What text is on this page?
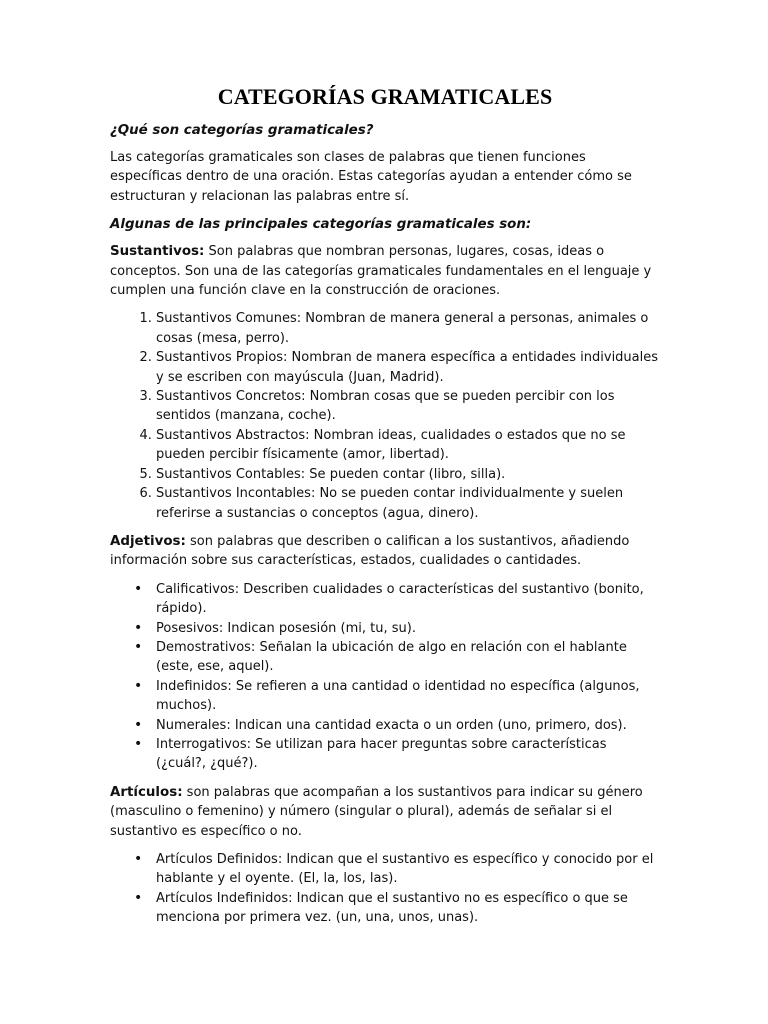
CATEGORÍAS GRAMATICALES
¿Qué son categorías gramaticales?

Las categorías gramaticales son clases de palabras que tienen funciones específicas dentro de una oración. Estas categorías ayudan a entender cómo se estructuran y relacionan las palabras entre sí.

Algunas de las principales categorías gramaticales son:

Sustantivos: Son palabras que nombran personas, lugares, cosas, ideas o conceptos. Son una de las categorías gramaticales fundamentales en el lenguaje y cumplen una función clave en la construcción de oraciones.

1. Sustantivos Comunes: Nombran de manera general a personas, animales o cosas (mesa, perro).
2. Sustantivos Propios: Nombran de manera específica a entidades individuales y se escriben con mayúscula (Juan, Madrid).
3. Sustantivos Concretos: Nombran cosas que se pueden percibir con los sentidos (manzana, coche).
4. Sustantivos Abstractos: Nombran ideas, cualidades o estados que no se pueden percibir físicamente (amor, libertad).
5. Sustantivos Contables: Se pueden contar (libro, silla).
6. Sustantivos Incontables: No se pueden contar individualmente y suelen referirse a sustancias o conceptos (agua, dinero).

Adjetivos: son palabras que describen o califican a los sustantivos, añadiendo información sobre sus características, estados, cualidades o cantidades.

• Calificativos: Describen cualidades o características del sustantivo (bonito, rápido).
• Posesivos: Indican posesión (mi, tu, su).
• Demostrativos: Señalan la ubicación de algo en relación con el hablante (este, ese, aquel).
• Indefinidos: Se refieren a una cantidad o identidad no específica (algunos, muchos).
• Numerales: Indican una cantidad exacta o un orden (uno, primero, dos).
• Interrogativos: Se utilizan para hacer preguntas sobre características (¿cuál?, ¿qué?).

Artículos: son palabras que acompañan a los sustantivos para indicar su género (masculino o femenino) y número (singular o plural), además de señalar si el sustantivo es específico o no.

• Artículos Definidos: Indican que el sustantivo es específico y conocido por el hablante y el oyente. (El, la, los, las).
• Artículos Indefinidos: Indican que el sustantivo no es específico o que se menciona por primera vez. (un, una, unos, unas).
